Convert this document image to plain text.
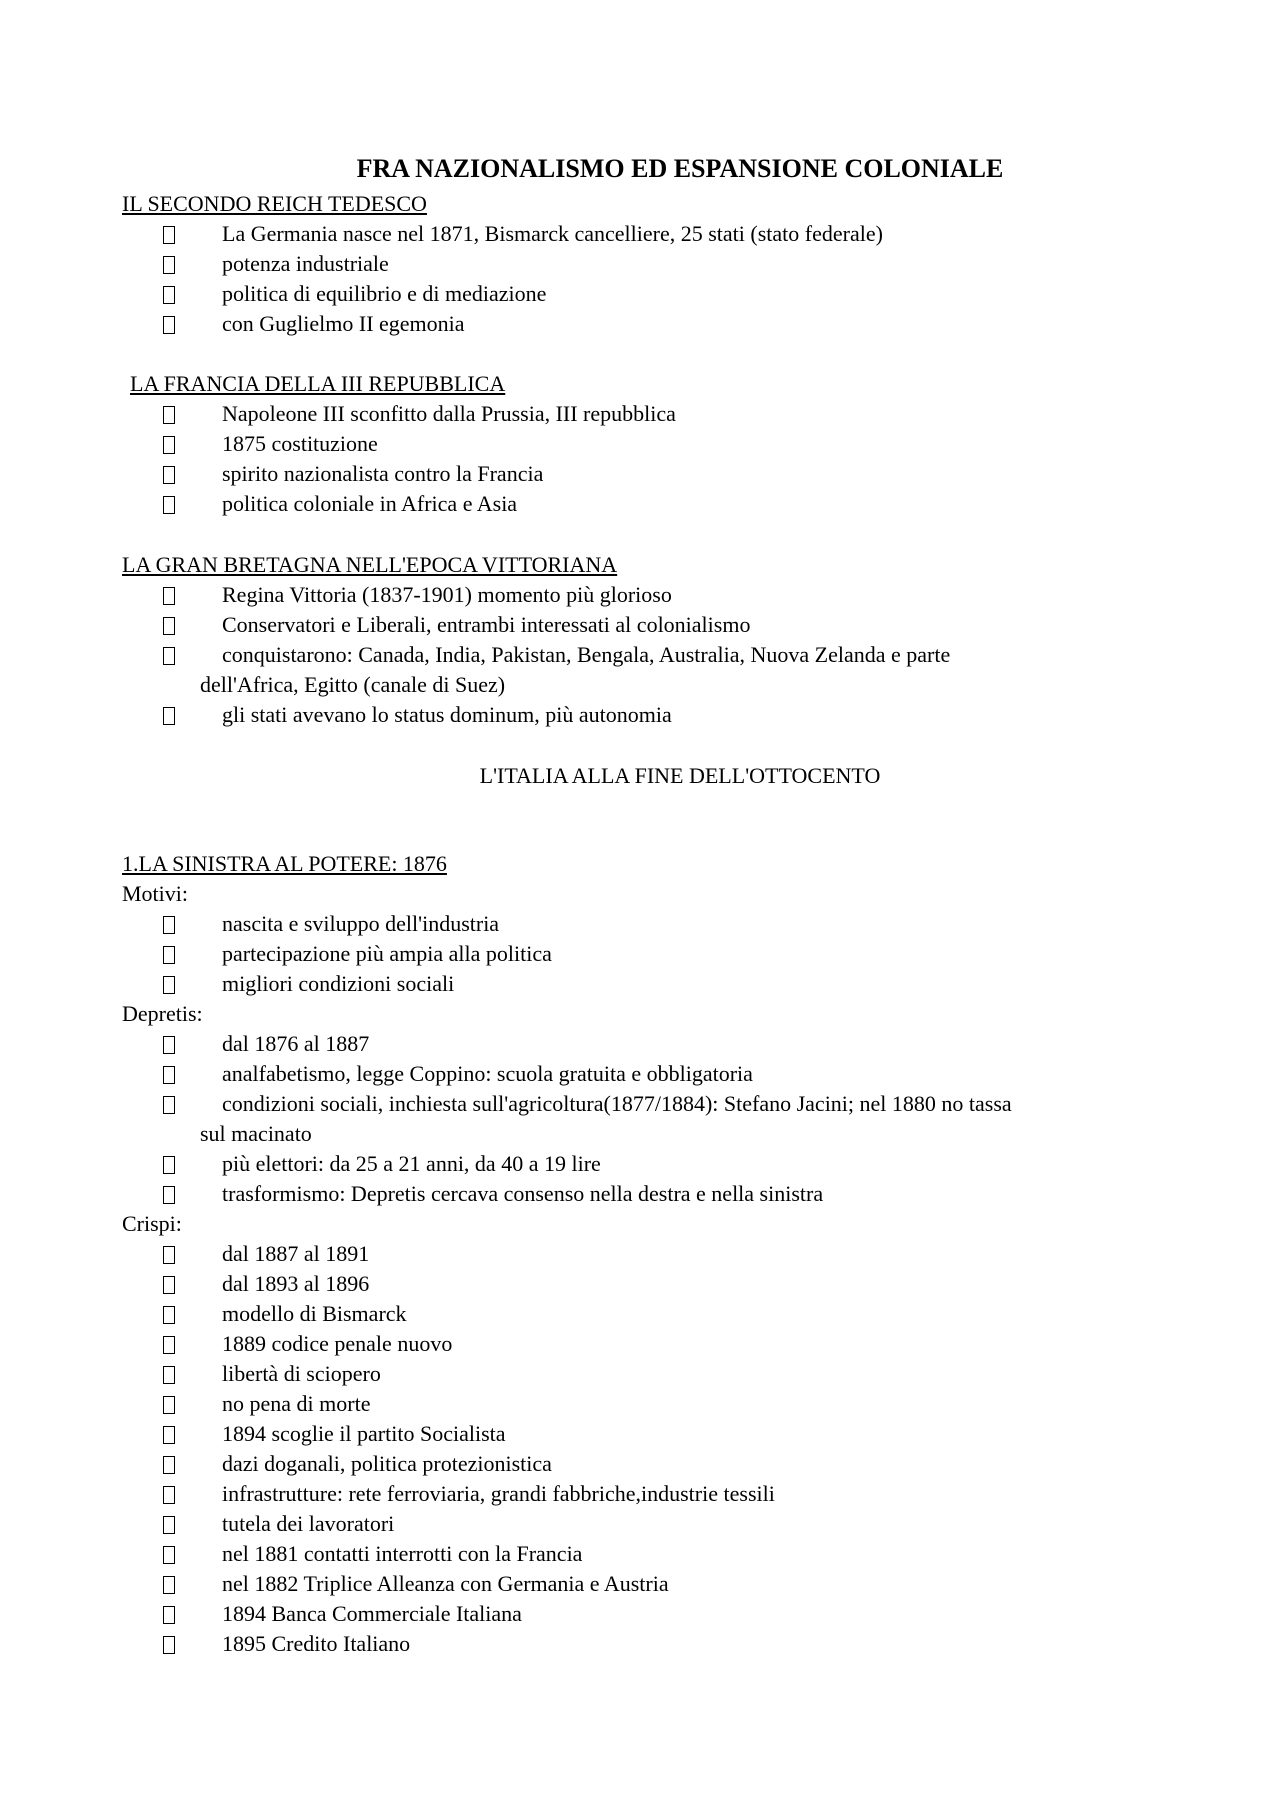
FRA NAZIONALISMO ED ESPANSIONE COLONIALE
IL SECONDO REICH TEDESCO
La Germania nasce nel 1871, Bismarck cancelliere, 25 stati (stato federale)
potenza industriale
politica di equilibrio e di mediazione
con Guglielmo II egemonia
LA FRANCIA DELLA III REPUBBLICA
Napoleone III sconfitto dalla Prussia, III repubblica
1875 costituzione
spirito nazionalista contro la Francia
politica coloniale in Africa e Asia
LA GRAN BRETAGNA NELL'EPOCA VITTORIANA
Regina Vittoria (1837-1901) momento più glorioso
Conservatori e Liberali, entrambi interessati al colonialismo
conquistarono: Canada, India, Pakistan, Bengala, Australia, Nuova Zelanda e parte
dell'Africa, Egitto (canale di Suez)
gli stati avevano lo status dominum, più autonomia
L'ITALIA ALLA FINE DELL'OTTOCENTO
1.LA SINISTRA AL POTERE: 1876
Motivi:
nascita e sviluppo dell'industria
partecipazione più ampia alla politica
migliori condizioni sociali
Depretis:
dal 1876 al 1887
analfabetismo, legge Coppino: scuola gratuita e obbligatoria
condizioni sociali, inchiesta sull'agricoltura(1877/1884): Stefano Jacini; nel 1880 no tassa
sul macinato
più elettori: da 25 a 21 anni, da 40 a 19 lire
trasformismo: Depretis cercava consenso nella destra e nella sinistra
Crispi:
dal 1887 al 1891
dal 1893 al 1896
modello di Bismarck
1889 codice penale nuovo
libertà di sciopero
no pena di morte
1894 scoglie il partito Socialista
dazi doganali, politica protezionistica
infrastrutture: rete ferroviaria, grandi fabbriche,industrie tessili
tutela dei lavoratori
nel 1881 contatti interrotti con la Francia
nel 1882 Triplice Alleanza con Germania e Austria
1894 Banca Commerciale Italiana
1895 Credito Italiano
